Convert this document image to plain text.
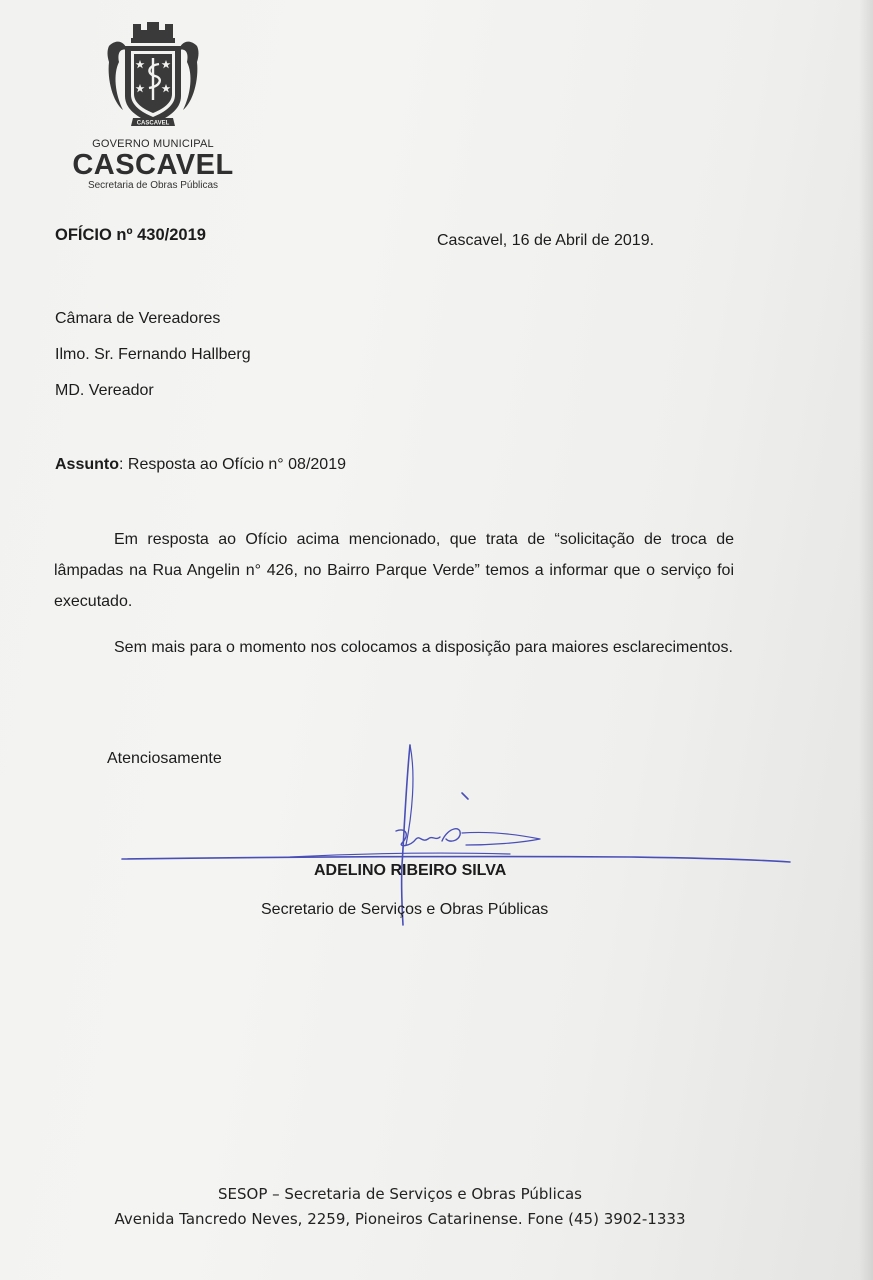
CASCAVEL
GOVERNO MUNICIPAL
CASCAVEL
Secretaria de Obras Públicas
OFÍCIO nº 430/2019	Cascavel, 16 de Abril de 2019.
Câmara de Vereadores
Ilmo. Sr. Fernando Hallberg
MD. Vereador
Assunto: Resposta ao Ofício n° 08/2019
Em resposta ao Ofício acima mencionado, que trata de “solicitação de troca de lâmpadas na Rua Angelin n° 426, no Bairro Parque Verde” temos a informar que o serviço foi executado.
Sem mais para o momento nos colocamos a disposição para maiores esclarecimentos.
Atenciosamente
ADELINO RIBEIRO SILVA
Secretario de Serviços e Obras Públicas
SESOP – Secretaria de Serviços e Obras Públicas
Avenida Tancredo Neves, 2259, Pioneiros Catarinense. Fone (45) 3902-1333
